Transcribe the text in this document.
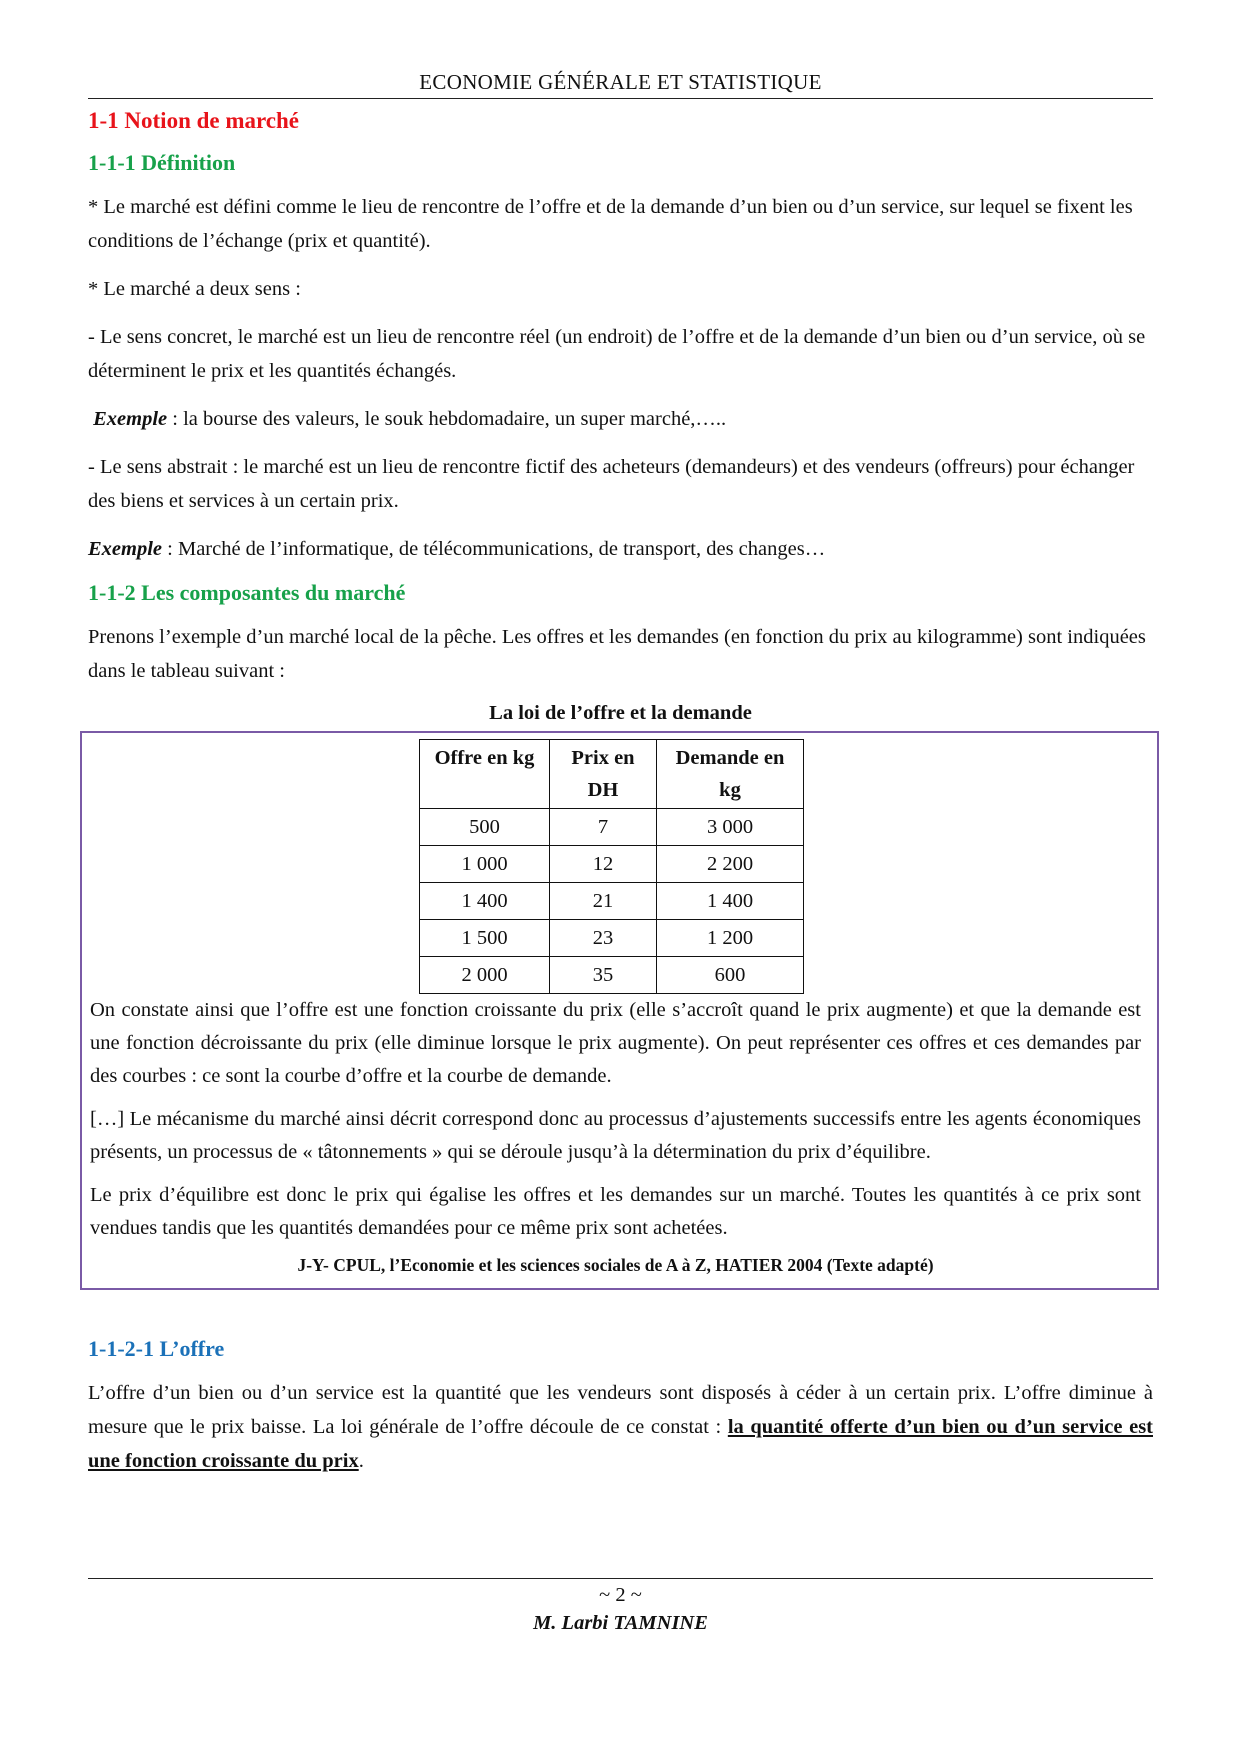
ECONOMIE GÉNÉRALE ET STATISTIQUE
1-1 Notion de marché
1-1-1 Définition

* Le marché est défini comme le lieu de rencontre de l’offre et de la demande d’un bien ou d’un service, sur lequel se fixent les conditions de l’échange (prix et quantité).

* Le marché a deux sens :

- Le sens concret, le marché est un lieu de rencontre réel (un endroit) de l’offre et de la demande d’un bien ou d’un service, où se déterminent le prix et les quantités échangés.

Exemple : la bourse des valeurs, le souk hebdomadaire, un super marché,…..

- Le sens abstrait : le marché est un lieu de rencontre fictif des acheteurs (demandeurs) et des vendeurs (offreurs) pour échanger des biens et services à un certain prix.

Exemple : Marché de l’informatique, de télécommunications, de transport, des changes…

1-1-2 Les composantes du marché

Prenons l’exemple d’un marché local de la pêche. Les offres et les demandes (en fonction du prix au kilogramme) sont indiquées dans le tableau suivant :

La loi de l’offre et la demande
Offre en kg	Prix en DH	Demande en kg
500	7	3 000
1 000	12	2 200
1 400	21	1 400
1 500	23	1 200
2 000	35	600

On constate ainsi que l’offre est une fonction croissante du prix (elle s’accroît quand le prix augmente) et que la demande est une fonction décroissante du prix (elle diminue lorsque le prix augmente). On peut représenter ces offres et ces demandes par des courbes : ce sont la courbe d’offre et la courbe de demande.

[…] Le mécanisme du marché ainsi décrit correspond donc au processus d’ajustements successifs entre les agents économiques présents, un processus de « tâtonnements » qui se déroule jusqu’à la détermination du prix d’équilibre.

Le prix d’équilibre est donc le prix qui égalise les offres et les demandes sur un marché. Toutes les quantités à ce prix sont vendues tandis que les quantités demandées pour ce même prix sont achetées.

J-Y- CPUL, l’Economie et les sciences sociales de A à Z, HATIER 2004 (Texte adapté)
1-1-2-1 L’offre

L’offre d’un bien ou d’un service est la quantité que les vendeurs sont disposés à céder à un certain prix. L’offre diminue à mesure que le prix baisse. La loi générale de l’offre découle de ce constat : la quantité offerte d’un bien ou d’un service est une fonction croissante du prix.

~ 2 ~
M. Larbi TAMNINE
